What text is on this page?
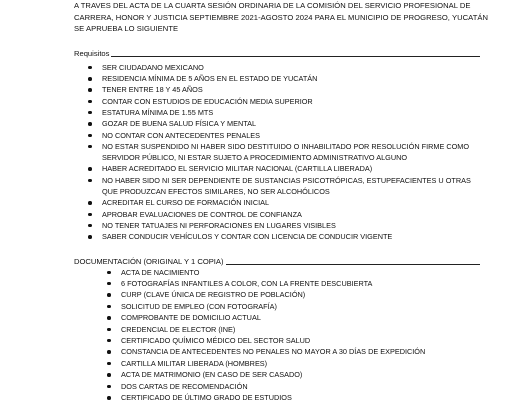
A TRAVES DEL ACTA DE LA CUARTA SESIÓN ORDINARIA DE LA COMISIÓN DEL SERVICIO PROFESIONAL DE
CARRERA, HONOR Y JUSTICIA SEPTIEMBRE 2021-AGOSTO 2024 PARA EL MUNICIPIO DE PROGRESO, YUCATÁN
SE APRUEBA LO SIGUIENTE

Requisitos
SER CIUDADANO MEXICANO
RESIDENCIA MÍNIMA DE 5 AÑOS EN EL ESTADO DE YUCATÁN
TENER ENTRE 18 Y 45 AÑOS
CONTAR CON ESTUDIOS DE EDUCACIÓN MEDIA SUPERIOR
ESTATURA MÍNIMA DE 1.55 MTS
GOZAR DE BUENA SALUD FÍSICA Y MENTAL
NO CONTAR CON ANTECEDENTES PENALES
NO ESTAR SUSPENDIDO NI HABER SIDO DESTITUIDO O INHABILITADO POR RESOLUCIÓN FIRME COMO SERVIDOR PÚBLICO, NI ESTAR SUJETO A PROCEDIMIENTO ADMINISTRATIVO ALGUNO
HABER ACREDITADO EL SERVICIO MILITAR NACIONAL (CARTILLA LIBERADA)
NO HABER SIDO NI SER DEPENDIENTE DE SUSTANCIAS PSICOTRÓPICAS, ESTUPEFACIENTES U OTRAS QUE PRODUZCAN EFECTOS SIMILARES, NO SER ALCOHÓLICOS
ACREDITAR EL CURSO DE FORMACIÓN INICIAL
APROBAR EVALUACIONES DE CONTROL DE CONFIANZA
NO TENER TATUAJES NI PERFORACIONES EN LUGARES VISIBLES
SABER CONDUCIR VEHÍCULOS Y CONTAR CON LICENCIA DE CONDUCIR VIGENTE
DOCUMENTACIÓN (ORIGINAL Y 1 COPIA)
ACTA DE NACIMIENTO
6 FOTOGRAFÍAS INFANTILES A COLOR, CON LA FRENTE DESCUBIERTA
CURP (CLAVE ÚNICA DE REGISTRO DE POBLACIÓN)
SOLICITUD DE EMPLEO (CON FOTOGRAFÍA)
COMPROBANTE DE DOMICILIO ACTUAL
CREDENCIAL DE ELECTOR (INE)
CERTIFICADO QUÍMICO MÉDICO DEL SECTOR SALUD
CONSTANCIA DE ANTECEDENTES NO PENALES NO MAYOR A 30 DÍAS DE EXPEDICIÓN
CARTILLA MILITAR LIBERADA (HOMBRES)
ACTA DE MATRIMONIO (EN CASO DE SER CASADO)
DOS CARTAS DE RECOMENDACIÓN
CERTIFICADO DE ÚLTIMO GRADO DE ESTUDIOS
